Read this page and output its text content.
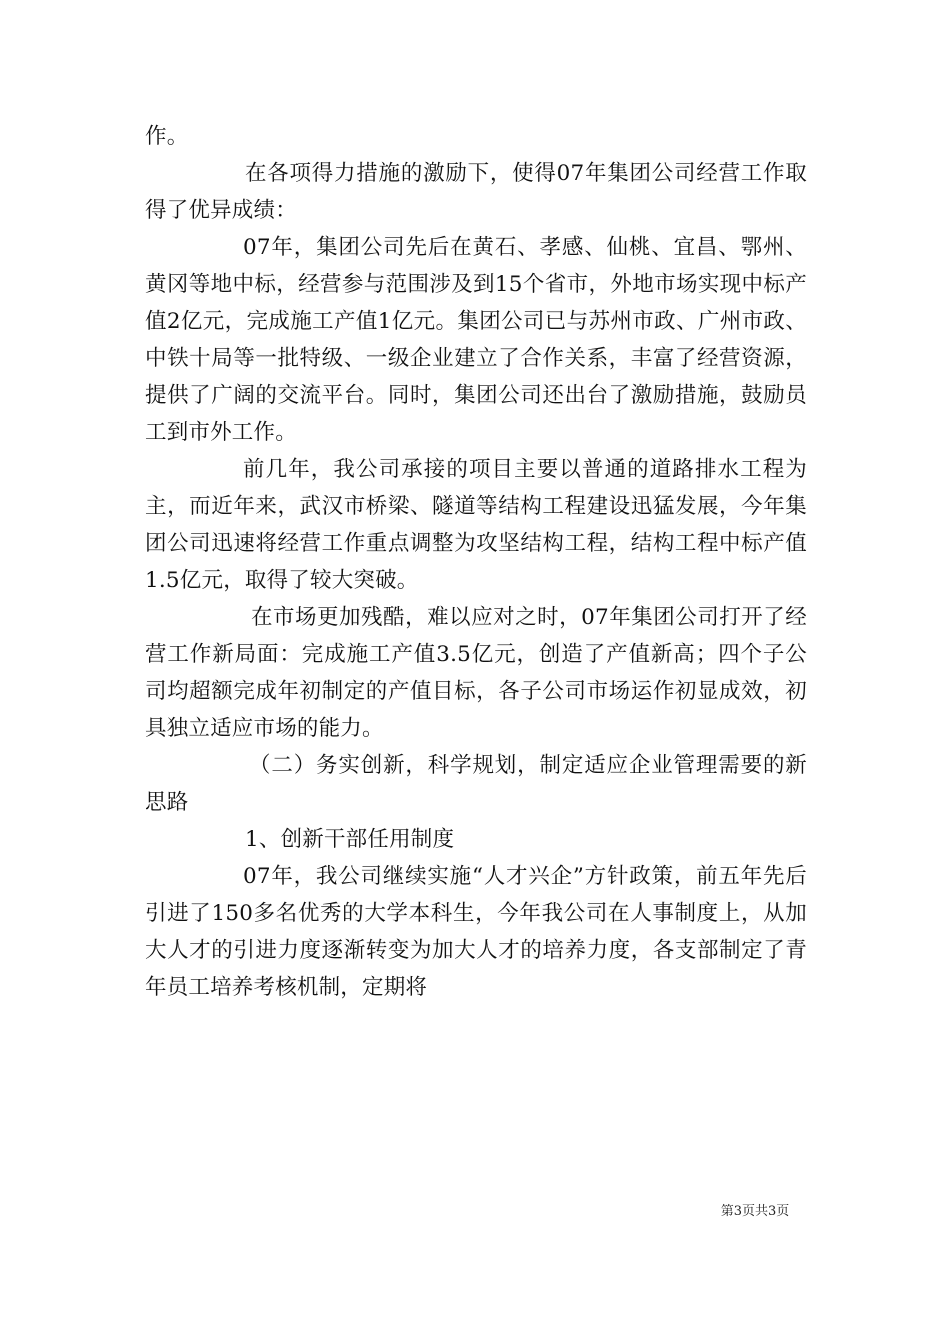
作。

在各项得力措施的激励下，使得07年集团公司经营工作取得了优异成绩：

07年，集团公司先后在黄石、孝感、仙桃、宜昌、鄂州、黄冈等地中标，经营参与范围涉及到15个省市，外地市场实现中标产值2亿元，完成施工产值1亿元。集团公司已与苏州市政、广州市政、中铁十局等一批特级、一级企业建立了合作关系，丰富了经营资源，提供了广阔的交流平台。同时，集团公司还出台了激励措施，鼓励员工到市外工作。

前几年，我公司承接的项目主要以普通的道路排水工程为主，而近年来，武汉市桥梁、隧道等结构工程建设迅猛发展，今年集团公司迅速将经营工作重点调整为攻坚结构工程，结构工程中标产值1.5亿元，取得了较大突破。

在市场更加残酷，难以应对之时，07年集团公司打开了经营工作新局面：完成施工产值3.5亿元，创造了产值新高；四个子公司均超额完成年初制定的产值目标，各子公司市场运作初显成效，初具独立适应市场的能力。

（二）务实创新，科学规划，制定适应企业管理需要的新思路

1、创新干部任用制度

07年，我公司继续实施“人才兴企”方针政策，前五年先后引进了150多名优秀的大学本科生，今年我公司在人事制度上，从加大人才的引进力度逐渐转变为加大人才的培养力度，各支部制定了青年员工培养考核机制，定期将

第3页共3页
